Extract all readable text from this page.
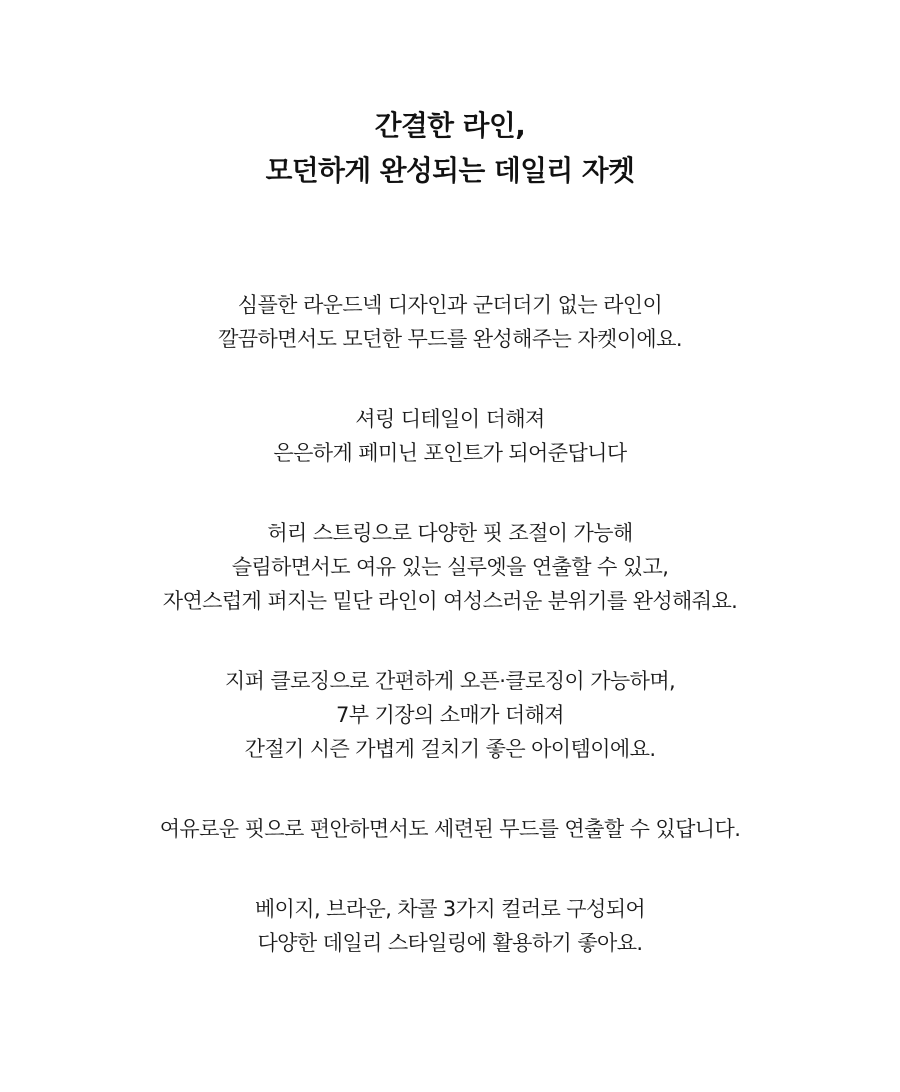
간결한 라인,
모던하게 완성되는 데일리 자켓

심플한 라운드넥 디자인과 군더더기 없는 라인이
깔끔하면서도 모던한 무드를 완성해주는 자켓이에요.

셔링 디테일이 더해져
은은하게 페미닌 포인트가 되어준답니다

허리 스트링으로 다양한 핏 조절이 가능해
슬림하면서도 여유 있는 실루엣을 연출할 수 있고,
자연스럽게 퍼지는 밑단 라인이 여성스러운 분위기를 완성해줘요.

지퍼 클로징으로 간편하게 오픈·클로징이 가능하며,
7부 기장의 소매가 더해져
간절기 시즌 가볍게 걸치기 좋은 아이템이에요.

여유로운 핏으로 편안하면서도 세련된 무드를 연출할 수 있답니다.

베이지, 브라운, 차콜 3가지 컬러로 구성되어
다양한 데일리 스타일링에 활용하기 좋아요.
